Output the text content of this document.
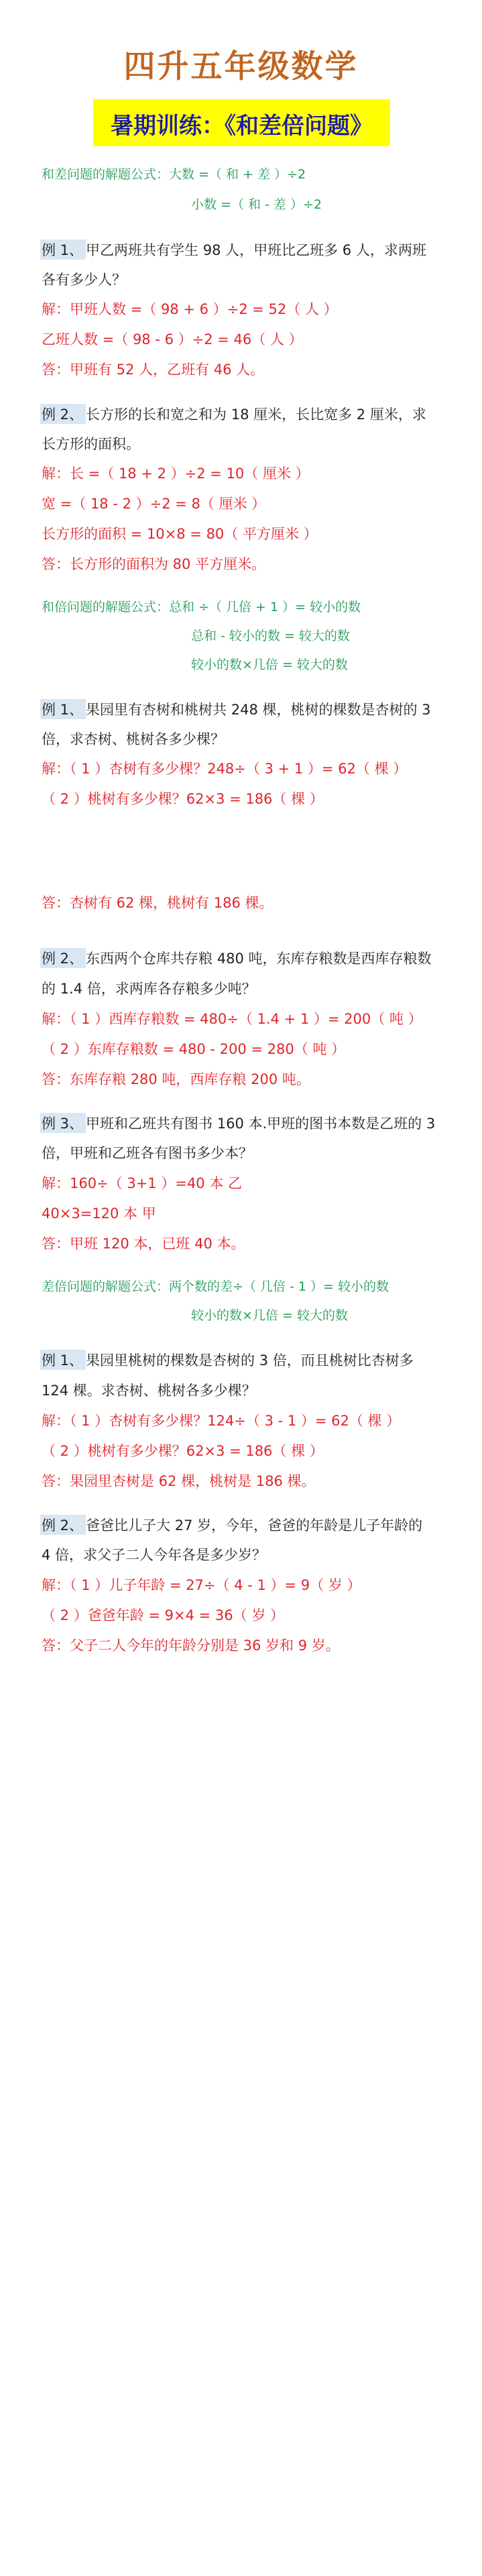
四升五年级数学
暑期训练：《和差倍问题》
和差问题的解题公式：大数 =（ 和 + 差 ）÷2
小数 =（ 和 - 差 ）÷2
例 1、 甲乙两班共有学生 98 人，甲班比乙班多 6 人，求两班
各有多少人？
解：甲班人数 =（ 98 + 6 ）÷2 = 52（ 人 ）
乙班人数 =（ 98 - 6 ）÷2 = 46（ 人 ）
答：甲班有 52 人，乙班有 46 人。
例 2、 长方形的长和宽之和为 18 厘米，长比宽多 2 厘米，求
长方形的面积。
解：长 =（ 18 + 2 ）÷2 = 10（ 厘米 ）
宽 =（ 18 - 2 ）÷2 = 8（ 厘米 ）
长方形的面积 = 10×8 = 80（ 平方厘米 ）
答：长方形的面积为 80 平方厘米。
和倍问题的解题公式：总和 ÷（ 几倍 + 1 ）= 较小的数
总和 - 较小的数 = 较大的数
较小的数×几倍 = 较大的数
例 1、 果园里有杏树和桃树共 248 棵，桃树的棵数是杏树的 3
倍，求杏树、桃树各多少棵？
解：（ 1 ）杏树有多少棵？248÷（ 3 + 1 ）= 62（ 棵 ）
（ 2 ）桃树有多少棵？62×3 = 186（ 棵 ）
答：杏树有 62 棵，桃树有 186 棵。
例 2、 东西两个仓库共存粮 480 吨，东库存粮数是西库存粮数
的 1.4 倍，求两库各存粮多少吨？
解：（ 1 ）西库存粮数 = 480÷（ 1.4 + 1 ）= 200（ 吨 ）
（ 2 ）东库存粮数 = 480 - 200 = 280（ 吨 ）
答：东库存粮 280 吨，西库存粮 200 吨。
例 3、 甲班和乙班共有图书 160 本.甲班的图书本数是乙班的 3
倍，甲班和乙班各有图书多少本？
解：160÷（ 3+1 ）=40 本 乙
40×3=120 本 甲
答：甲班 120 本，已班 40 本。
差倍问题的解题公式：两个数的差÷（ 几倍 - 1 ）= 较小的数
较小的数×几倍 = 较大的数
例 1、 果园里桃树的棵数是杏树的 3 倍，而且桃树比杏树多
124 棵。求杏树、桃树各多少棵？
解：（ 1 ）杏树有多少棵？124÷（ 3 - 1 ）= 62（ 棵 ）
（ 2 ）桃树有多少棵？62×3 = 186（ 棵 ）
答：果园里杏树是 62 棵，桃树是 186 棵。
例 2、 爸爸比儿子大 27 岁，今年，爸爸的年龄是儿子年龄的
4 倍，求父子二人今年各是多少岁？
解：（ 1 ）儿子年龄 = 27÷（ 4 - 1 ）= 9（ 岁 ）
（ 2 ）爸爸年龄 = 9×4 = 36（ 岁 ）
答：父子二人今年的年龄分别是 36 岁和 9 岁。
